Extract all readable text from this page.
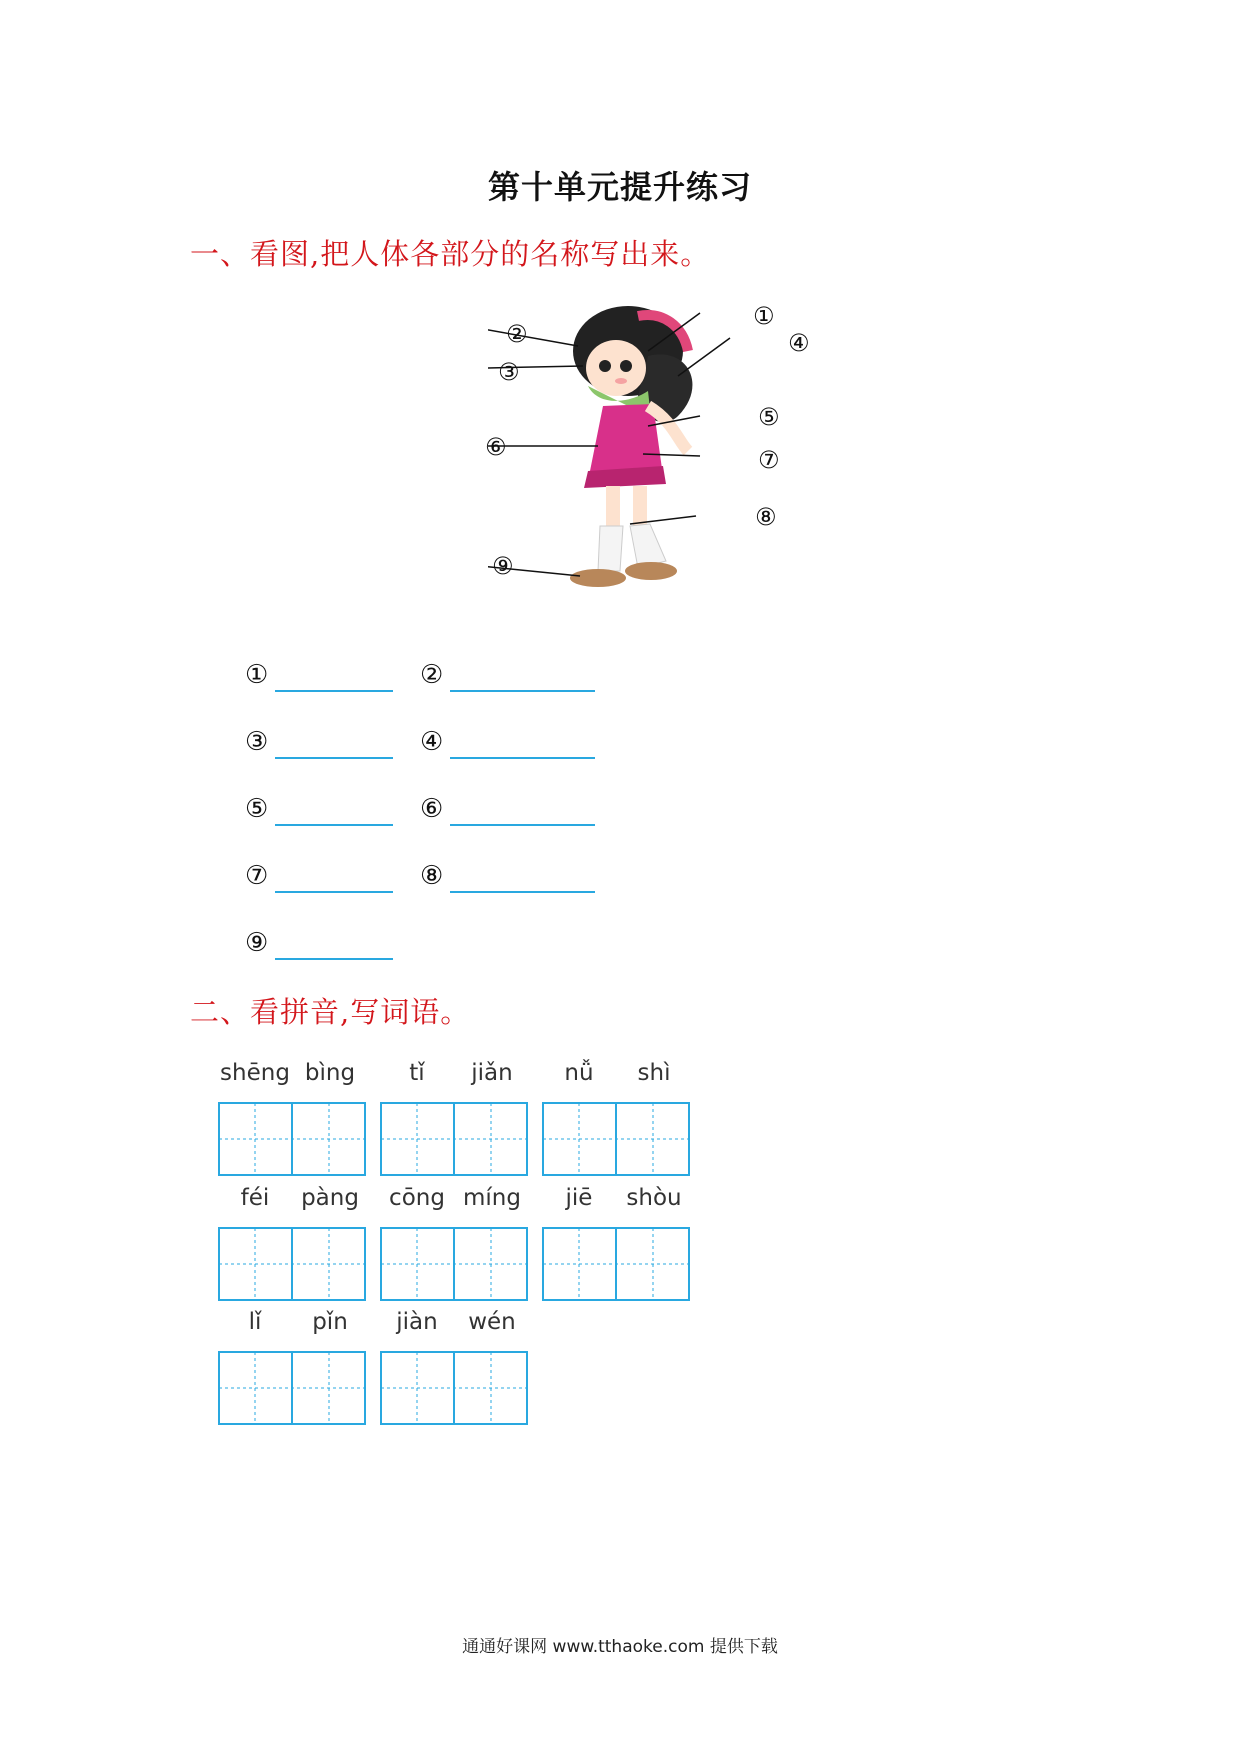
第十单元提升练习
一、看图,把人体各部分的名称写出来。
①
②
③
④
⑤
⑥	⑦
⑧
⑨
①	②
③	④
⑤	⑥
⑦	⑧
⑨
二、看拼音,写词语。
shēng bìng	tǐ	jiǎn	nǚ	shì
féi	pàng	cōng míng	jiē	shòu
lǐ	pǐn	jiàn	wén
通通好课网 www.tthaoke.com 提供下载
